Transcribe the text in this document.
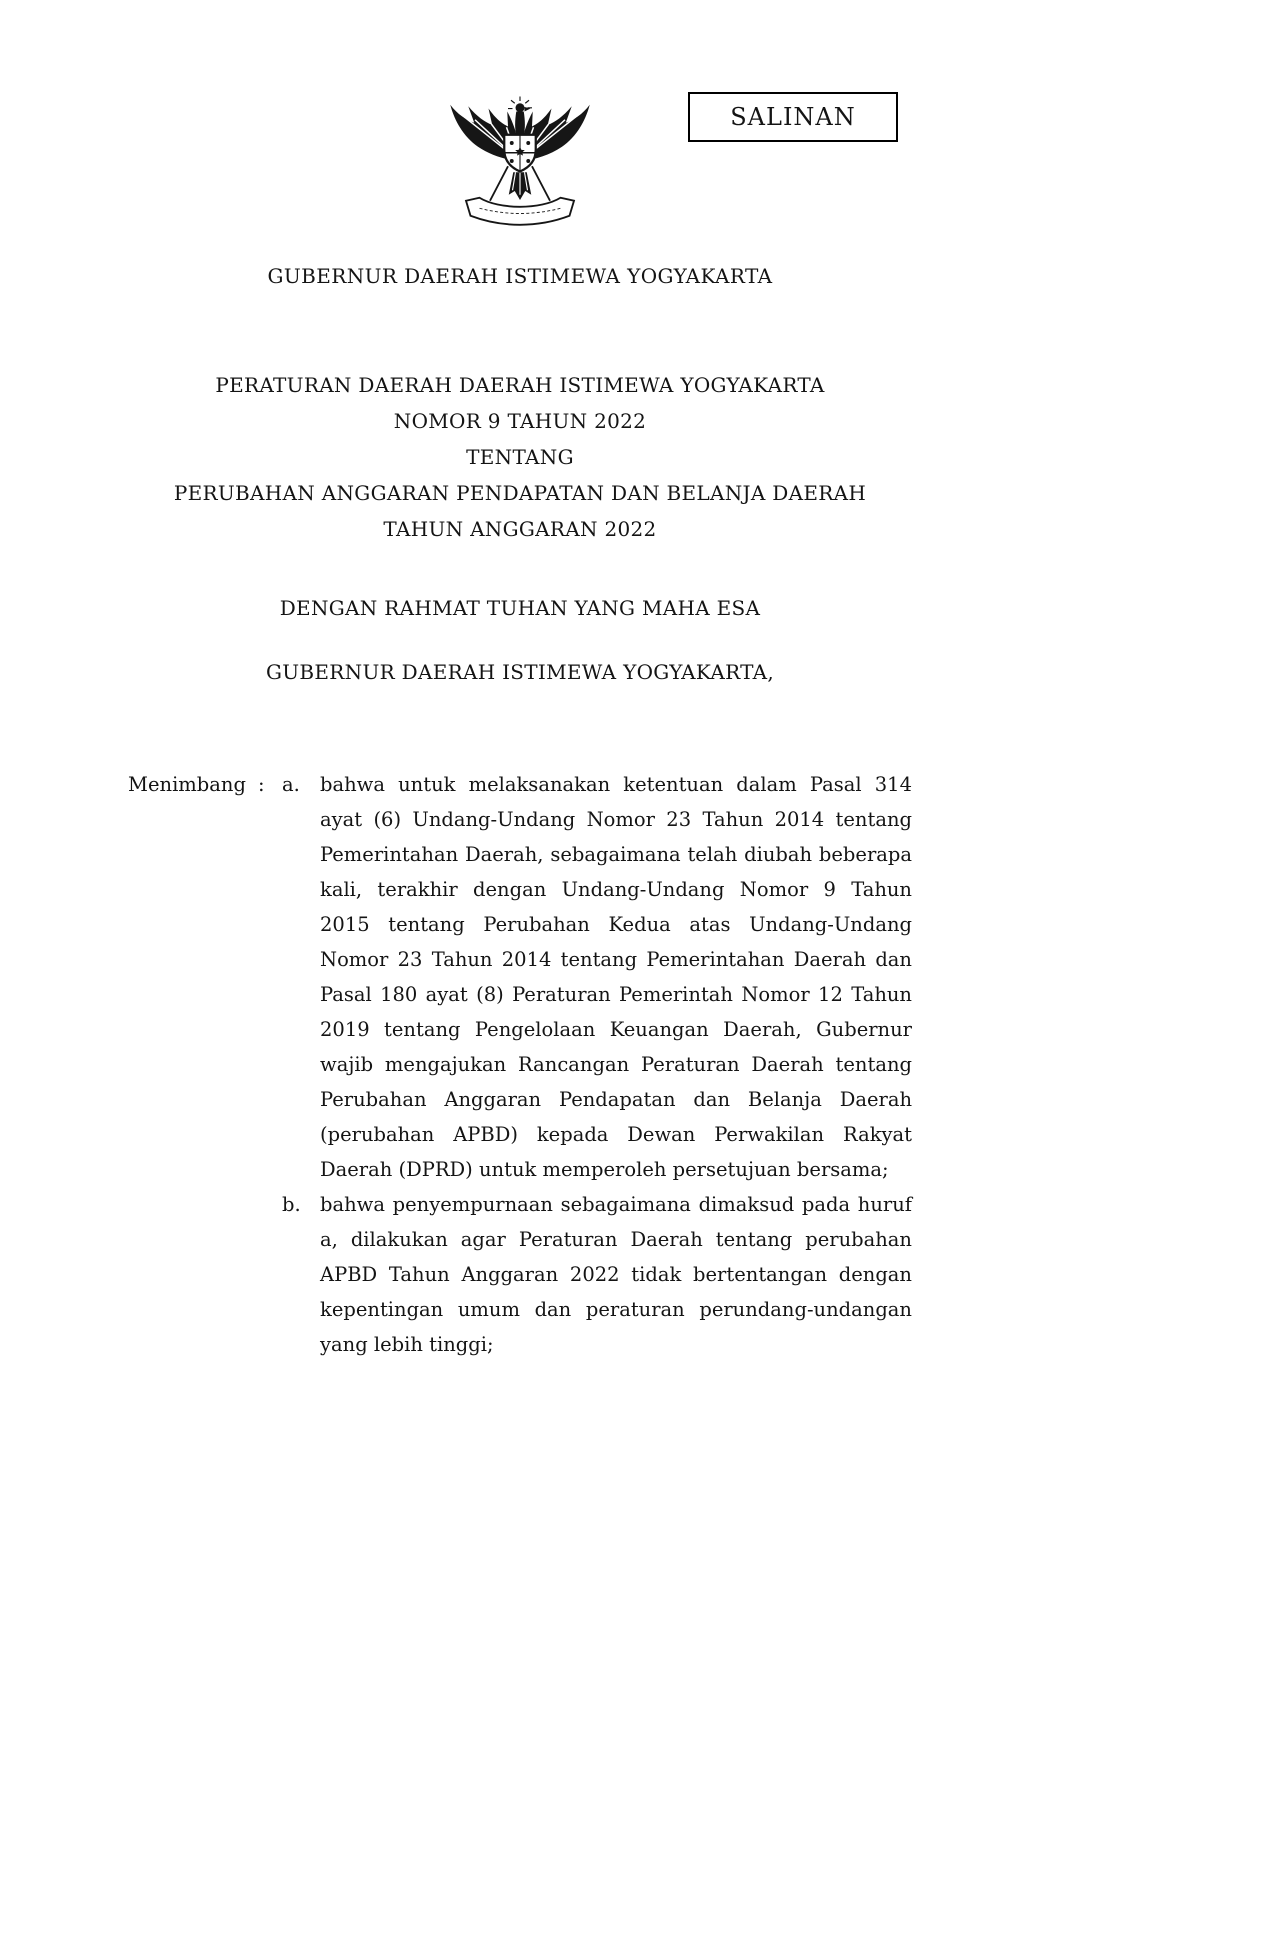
SALINAN
GUBERNUR DAERAH ISTIMEWA YOGYAKARTA
PERATURAN DAERAH DAERAH ISTIMEWA YOGYAKARTA
NOMOR 9 TAHUN 2022
TENTANG
PERUBAHAN ANGGARAN PENDAPATAN DAN BELANJA DAERAH
TAHUN ANGGARAN 2022
DENGAN RAHMAT TUHAN YANG MAHA ESA
GUBERNUR DAERAH ISTIMEWA YOGYAKARTA,
Menimbang : a.	bahwa untuk melaksanakan ketentuan dalam Pasal 314 ayat (6) Undang-Undang Nomor 23 Tahun 2014 tentang Pemerintahan Daerah, sebagaimana telah diubah beberapa kali, terakhir dengan Undang-Undang Nomor 9 Tahun 2015 tentang Perubahan Kedua atas Undang-Undang Nomor 23 Tahun 2014 tentang Pemerintahan Daerah dan Pasal 180 ayat (8) Peraturan Pemerintah Nomor 12 Tahun 2019 tentang Pengelolaan Keuangan Daerah, Gubernur wajib mengajukan Rancangan Peraturan Daerah tentang Perubahan Anggaran Pendapatan dan Belanja Daerah (perubahan APBD) kepada Dewan Perwakilan Rakyat Daerah (DPRD) untuk memperoleh persetujuan bersama;
b. bahwa penyempurnaan sebagaimana dimaksud pada huruf a, dilakukan agar Peraturan Daerah tentang perubahan APBD Tahun Anggaran 2022 tidak bertentangan dengan kepentingan umum dan peraturan perundang-undangan yang lebih tinggi;
